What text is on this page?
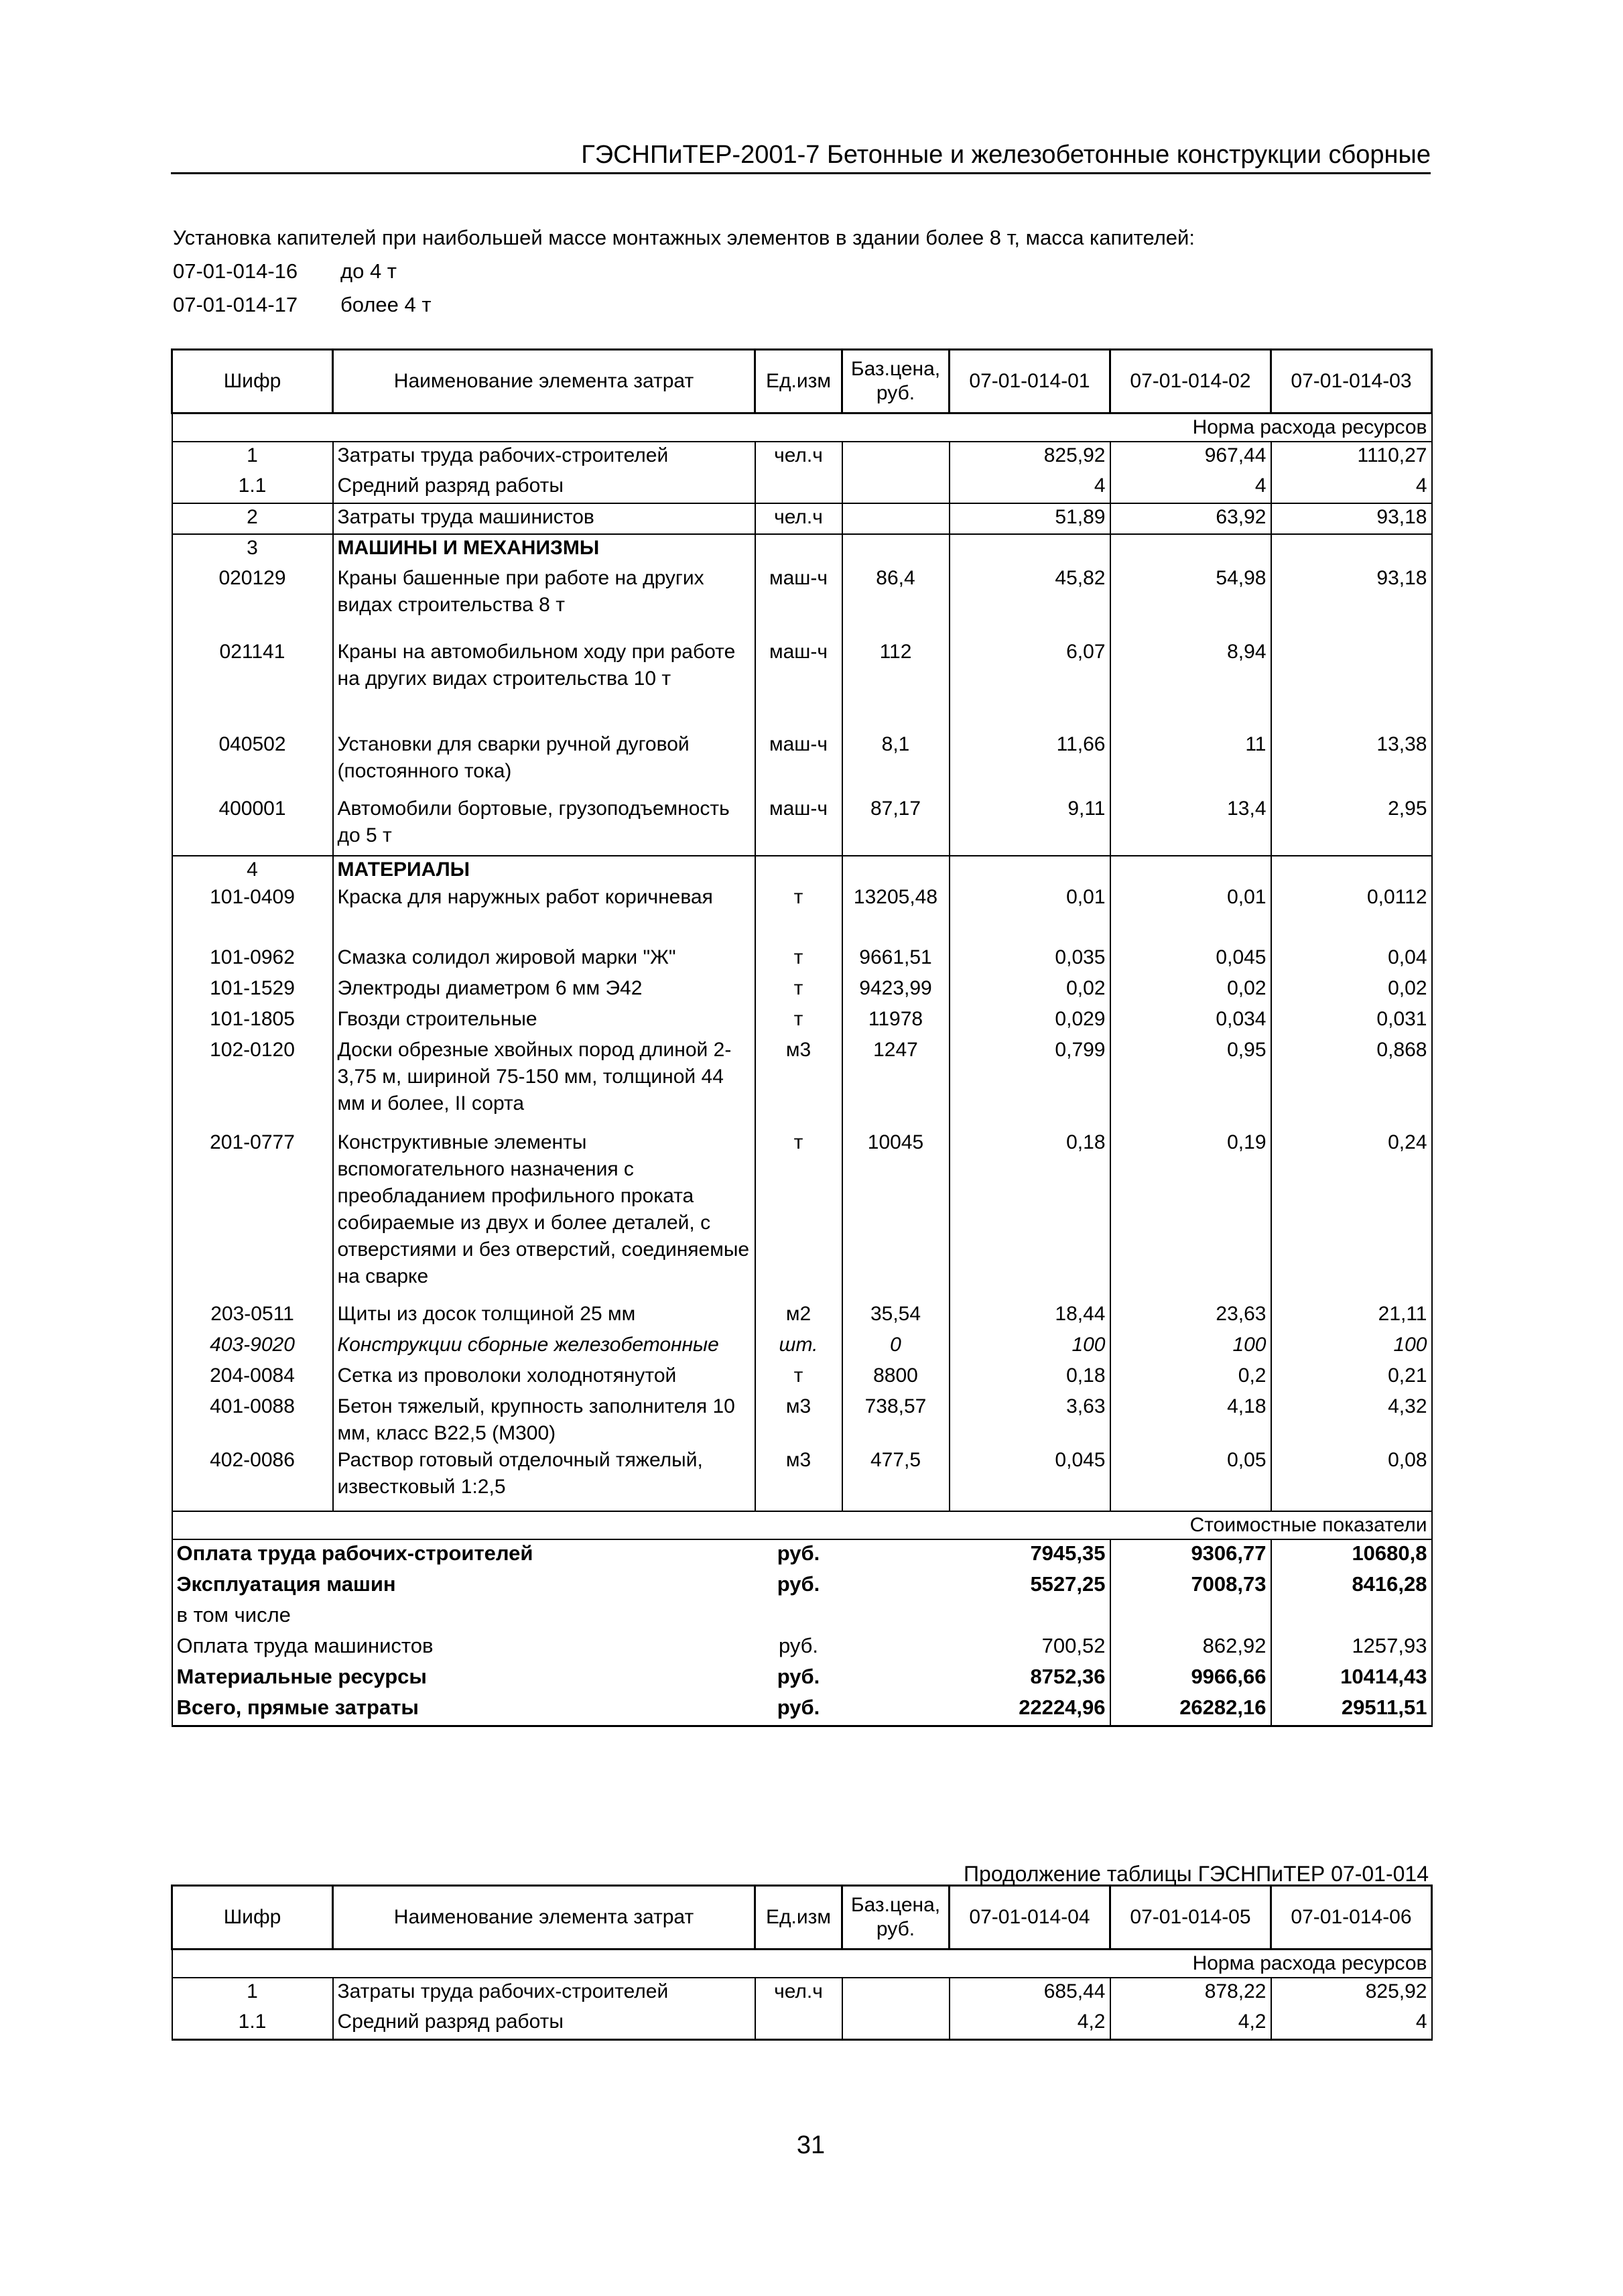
ГЭСНПиТЕР-2001-7 Бетонные и железобетонные конструкции сборные
Установка капителей при наибольшей массе монтажных элементов в здании более 8 т, масса капителей:
07-01-014-16 до 4 т
07-01-014-17 более 4 т
Шифр	Наименование элемента затрат	Ед.изм	Баз.цена, руб.	07-01-014-01	07-01-014-02	07-01-014-03
Норма расхода ресурсов						
1	Затраты труда рабочих-строителей	чел.ч		825,92	967,44	1110,27
1.1	Средний разряд работы			4	4	4
2	Затраты труда машинистов	чел.ч		51,89	63,92	93,18
3	МАШИНЫ И МЕХАНИЗМЫ					
020129	Краны башенные при работе на других видах строительства 8 т	маш-ч	86,4	45,82	54,98	93,18
021141	Краны на автомобильном ходу при работе на других видах строительства 10 т	маш-ч	112	6,07	8,94	
040502	Установки для сварки ручной дуговой (постоянного тока)	маш-ч	8,1	11,66	11	13,38
400001	Автомобили бортовые, грузоподъемность до 5 т	маш-ч	87,17	9,11	13,4	2,95
4	МАТЕРИАЛЫ					
101-0409	Краска для наружных работ коричневая	т	13205,48	0,01	0,01	0,0112
101-0962	Смазка солидол жировой марки "Ж"	т	9661,51	0,035	0,045	0,04
101-1529	Электроды диаметром 6 мм Э42	т	9423,99	0,02	0,02	0,02
101-1805	Гвозди строительные	т	11978	0,029	0,034	0,031
102-0120	Доски обрезные хвойных пород длиной 2-3,75 м, шириной 75-150 мм, толщиной 44 мм и более, II сорта	м3	1247	0,799	0,95	0,868
201-0777	Конструктивные элементы вспомогательного назначения с преобладанием профильного проката собираемые из двух и более деталей, с отверстиями и без отверстий, соединяемые на сварке	т	10045	0,18	0,19	0,24
203-0511	Щиты из досок толщиной 25 мм	м2	35,54	18,44	23,63	21,11
403-9020	Конструкции сборные железобетонные	шт.	0	100	100	100
204-0084	Сетка из проволоки холоднотянутой	т	8800	0,18	0,2	0,21
401-0088	Бетон тяжелый, крупность заполнителя 10 мм, класс В22,5 (М300)	м3	738,57	3,63	4,18	4,32
402-0086	Раствор готовый отделочный тяжелый, известковый 1:2,5	м3	477,5	0,045	0,05	0,08
Стоимостные показатели						
Оплата труда рабочих-строителей		руб.		7945,35	9306,77	10680,8
Эксплуатация машин		руб.		5527,25	7008,73	8416,28
в том числе						
Оплата труда машинистов		руб.		700,52	862,92	1257,93
Материальные ресурсы		руб.		8752,36	9966,66	10414,43
Всего, прямые затраты		руб.		22224,96	26282,16	29511,51
Продолжение таблицы ГЭСНПиТЕР 07-01-014
Шифр	Наименование элемента затрат	Ед.изм	Баз.цена, руб.	07-01-014-04	07-01-014-05	07-01-014-06
Норма расхода ресурсов						
1	Затраты труда рабочих-строителей	чел.ч		685,44	878,22	825,92
1.1	Средний разряд работы			4,2	4,2	4
31
